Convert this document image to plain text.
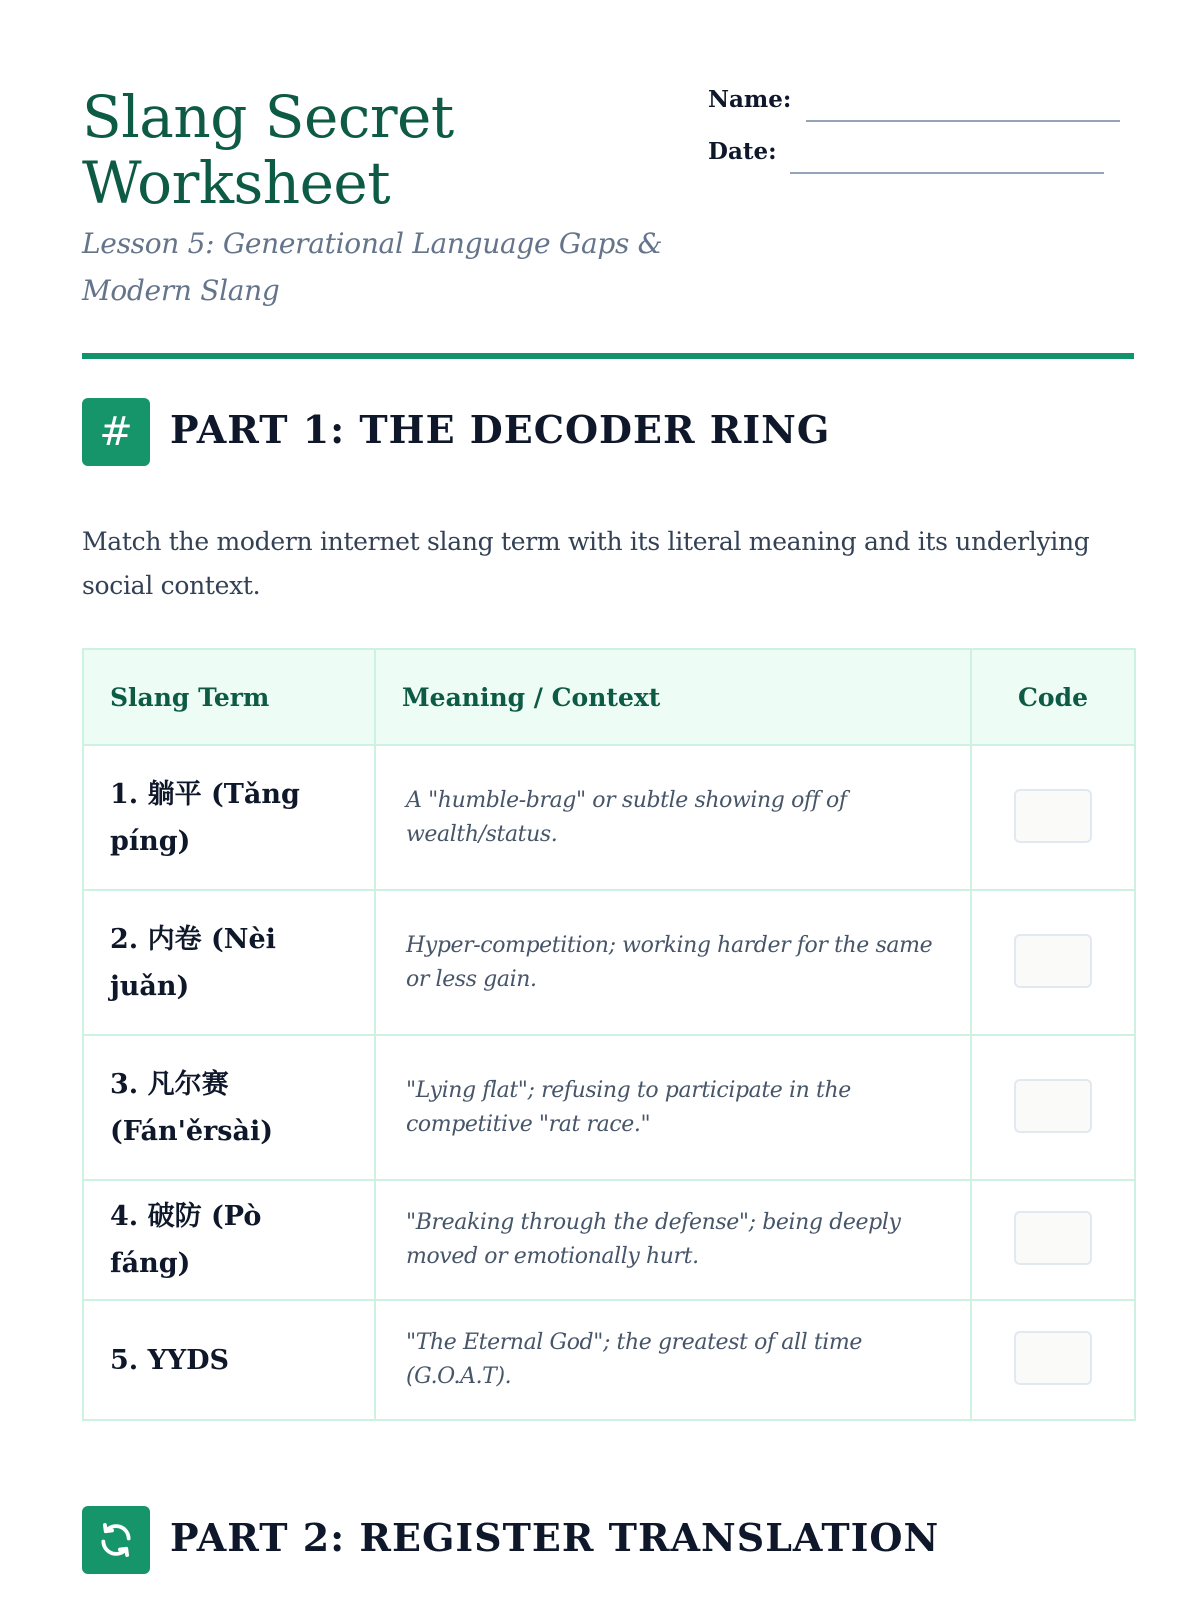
Slang Secret Worksheet
Lesson 5: Generational Language Gaps & Modern Slang
Name:
Date:
# PART 1: THE DECODER RING

Match the modern internet slang term with its literal meaning and its underlying social context.

Slang Term	Meaning / Context	Code
1. 躺平 (Tǎng píng)	A "humble-brag" or subtle showing off of wealth/status.	
2. 内卷 (Nèi juǎn)	Hyper-competition; working harder for the same or less gain.	
3. 凡尔赛 (Fán'ěrsài)	"Lying flat"; refusing to participate in the competitive "rat race."	
4. 破防 (Pò fáng)	"Breaking through the defense"; being deeply moved or emotionally hurt.	
5. YYDS	"The Eternal God"; the greatest of all time (G.O.A.T).	
PART 2: REGISTER TRANSLATION
